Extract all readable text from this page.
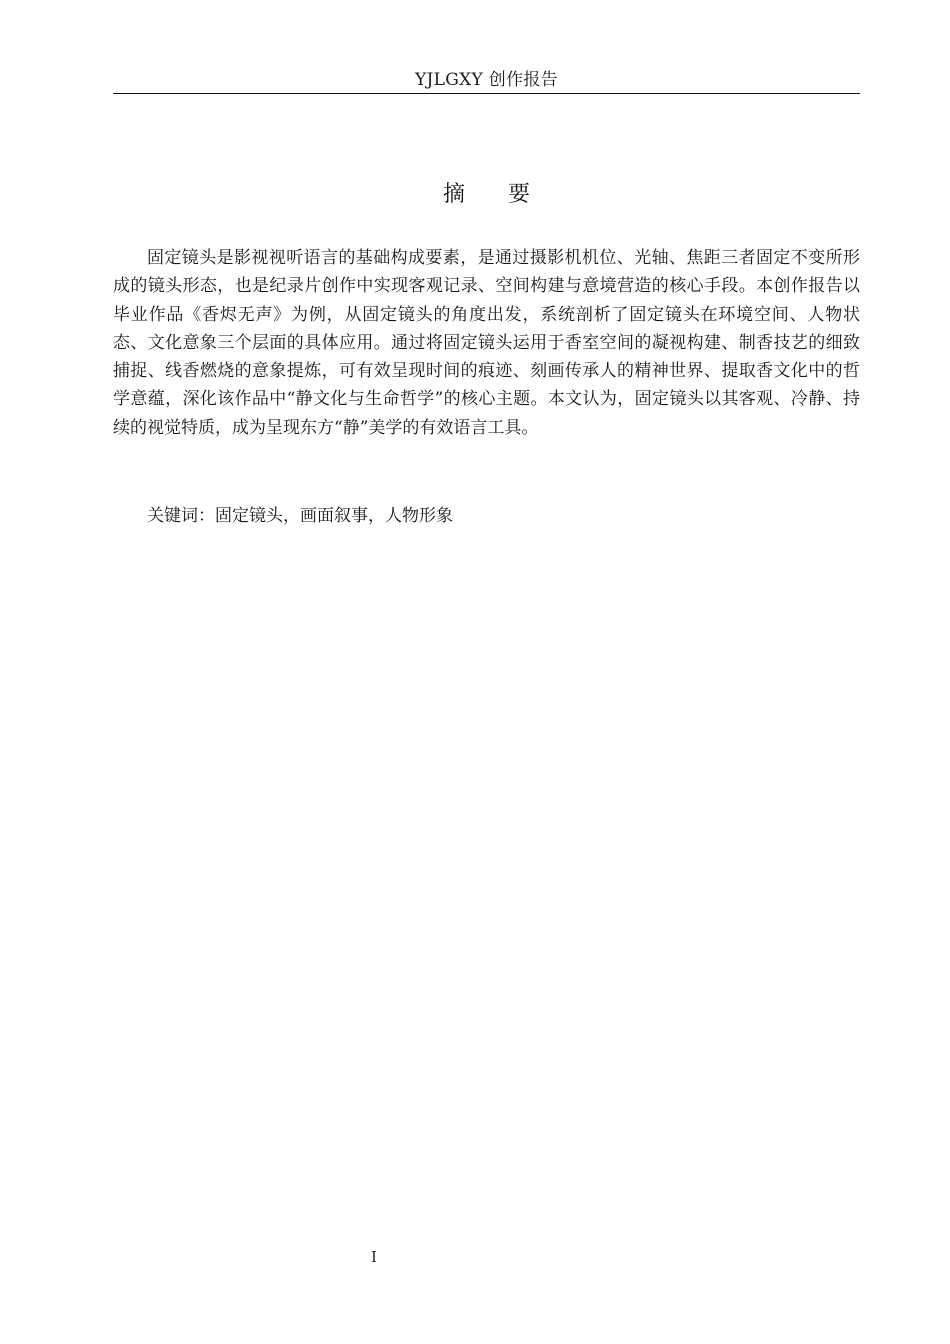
YJLGXY 创作报告
摘 要

固定镜头是影视视听语言的基础构成要素，是通过摄影机机位、光轴、焦距三者固定不变所形成的镜头形态，也是纪录片创作中实现客观记录、空间构建与意境营造的核心手段。本创作报告以毕业作品《香烬无声》为例，从固定镜头的角度出发，系统剖析了固定镜头在环境空间、人物状态、文化意象三个层面的具体应用。通过将固定镜头运用于香室空间的凝视构建、制香技艺的细致捕捉、线香燃烧的意象提炼，可有效呈现时间的痕迹、刻画传承人的精神世界、提取香文化中的哲学意蕴，深化该作品中“静文化与生命哲学”的核心主题。本文认为，固定镜头以其客观、冷静、持续的视觉特质，成为呈现东方“静”美学的有效语言工具。

关键词：固定镜头，画面叙事，人物形象

I
